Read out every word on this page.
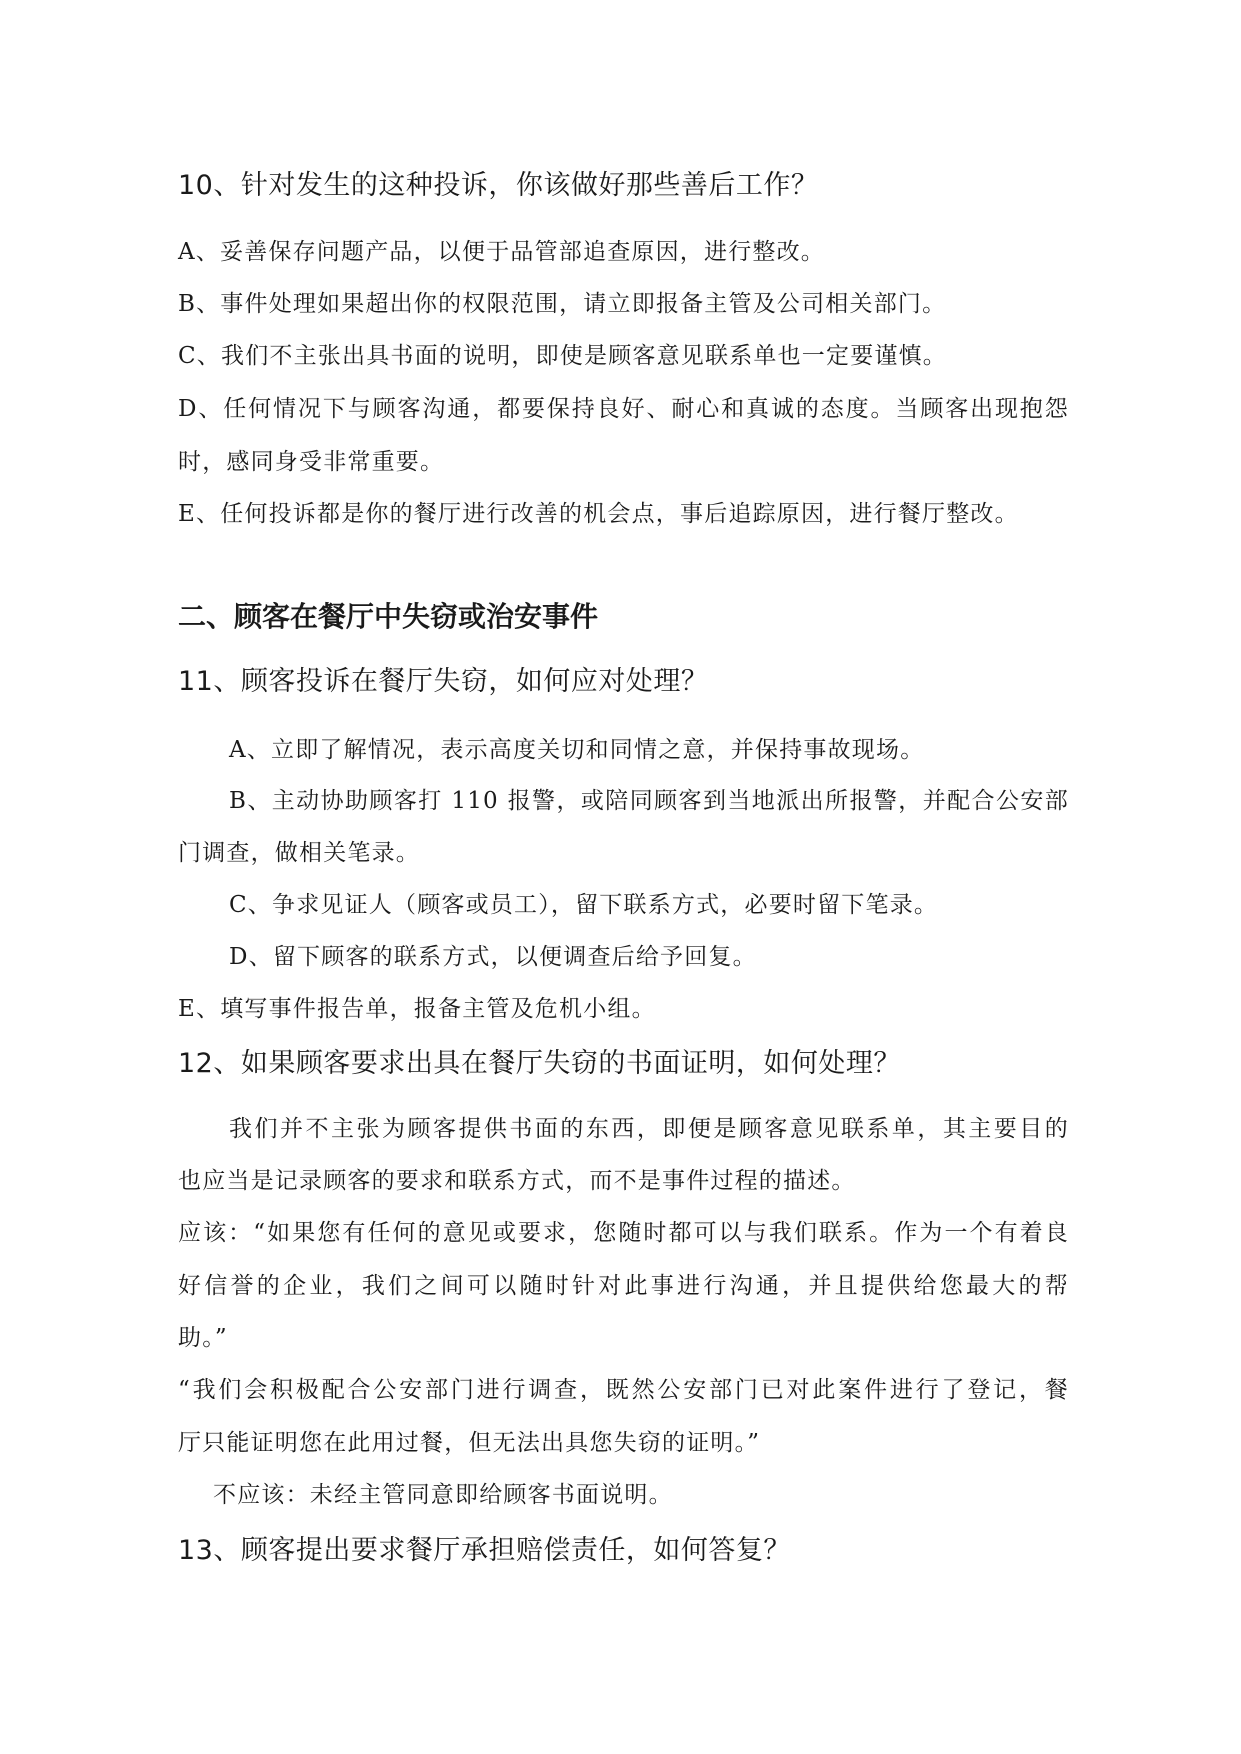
10、针对发生的这种投诉，你该做好那些善后工作？
A、妥善保存问题产品，以便于品管部追查原因，进行整改。
B、事件处理如果超出你的权限范围，请立即报备主管及公司相关部门。
C、我们不主张出具书面的说明，即使是顾客意见联系单也一定要谨慎。
D、任何情况下与顾客沟通，都要保持良好、耐心和真诚的态度。当顾客出现抱怨
时，感同身受非常重要。
E、任何投诉都是你的餐厅进行改善的机会点，事后追踪原因，进行餐厅整改。
二、顾客在餐厅中失窃或治安事件
11、顾客投诉在餐厅失窃，如何应对处理？
A、立即了解情况，表示高度关切和同情之意，并保持事故现场。
B、主动协助顾客打 110 报警，或陪同顾客到当地派出所报警，并配合公安部
门调查，做相关笔录。
C、争求见证人（顾客或员工），留下联系方式，必要时留下笔录。
D、留下顾客的联系方式，以便调查后给予回复。
E、填写事件报告单，报备主管及危机小组。
12、如果顾客要求出具在餐厅失窃的书面证明，如何处理？
我们并不主张为顾客提供书面的东西，即便是顾客意见联系单，其主要目的
也应当是记录顾客的要求和联系方式，而不是事件过程的描述。
应该：“如果您有任何的意见或要求，您随时都可以与我们联系。作为一个有着良
好信誉的企业，我们之间可以随时针对此事进行沟通，并且提供给您最大的帮
助。”
“我们会积极配合公安部门进行调查，既然公安部门已对此案件进行了登记，餐
厅只能证明您在此用过餐，但无法出具您失窃的证明。”
不应该：未经主管同意即给顾客书面说明。
13、顾客提出要求餐厅承担赔偿责任，如何答复？
